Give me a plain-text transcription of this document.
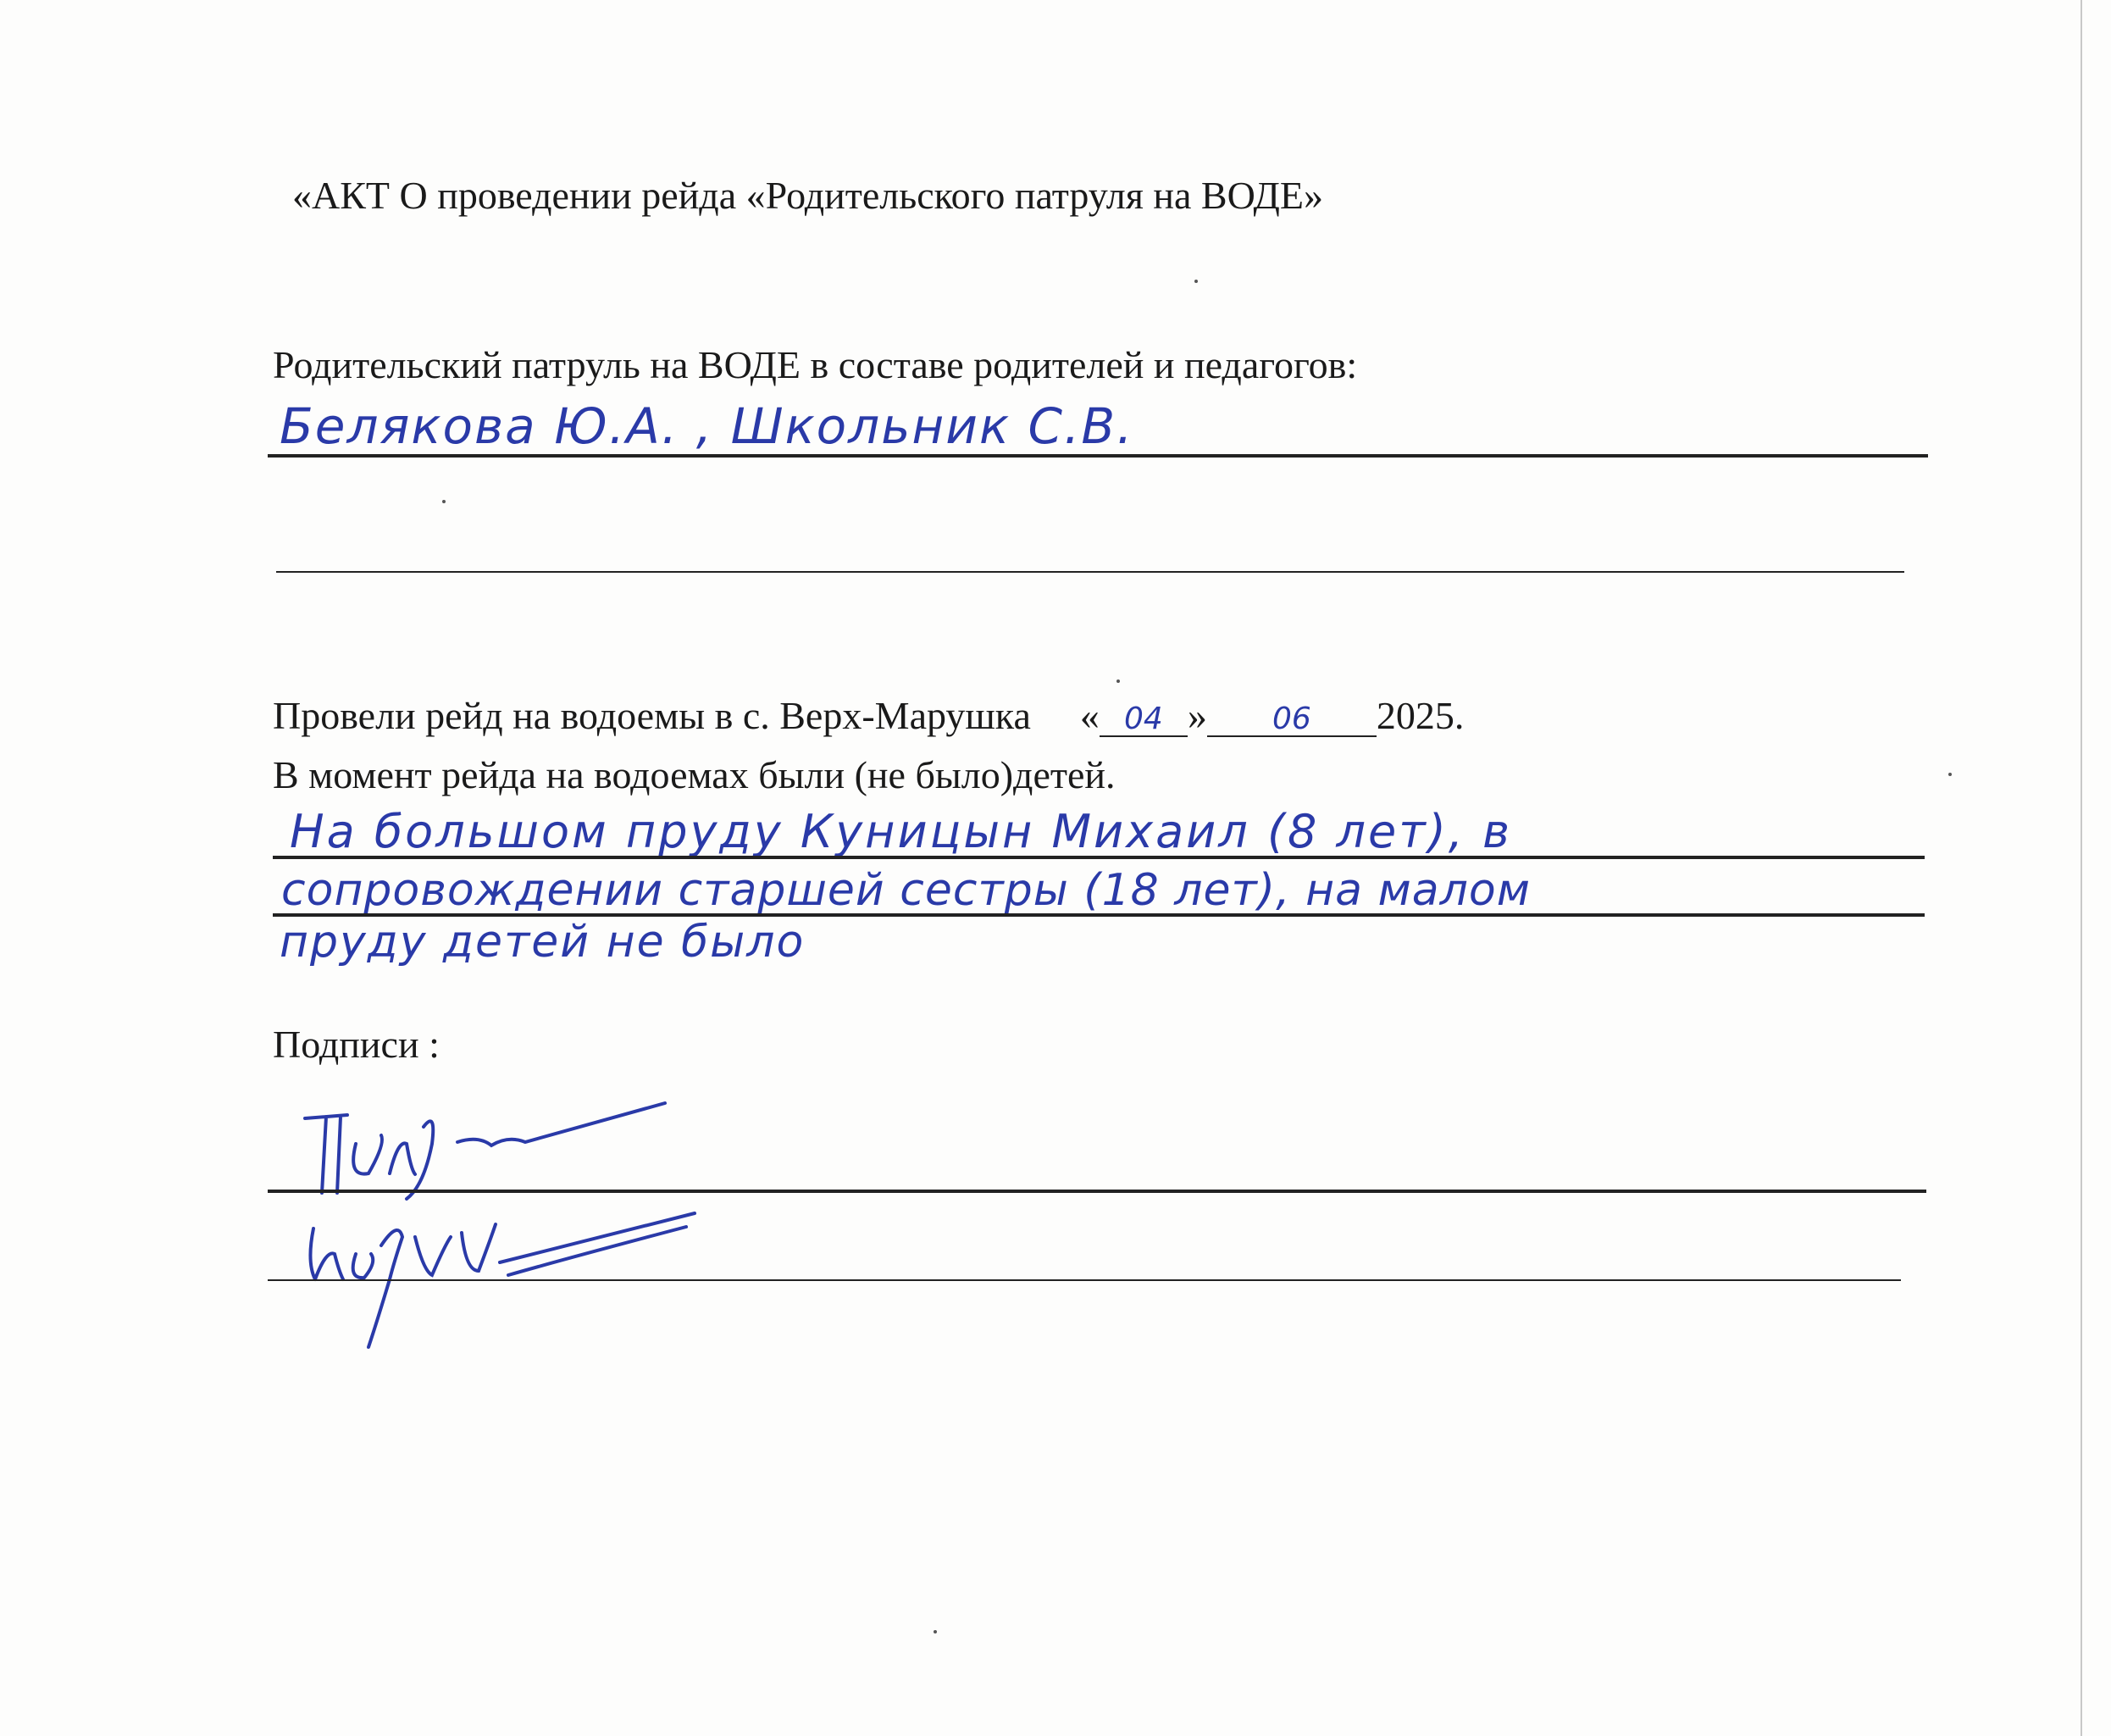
«АКТ О проведении рейда «Родительского патруля на ВОДЕ»
Родительский патруль на ВОДЕ в составе родителей и педагогов:
Белякова Ю.А. , Школьник С.В.
Провели рейд на водоемы в с. Верх-Марушка « 04 » 06 2025.
В момент рейда на водоемах были (не было)детей.
На большом пруду Куницын Михаил (8 лет), в
сопровождении старшей сестры (18 лет), на малом
пруду детей не было
Подписи :
